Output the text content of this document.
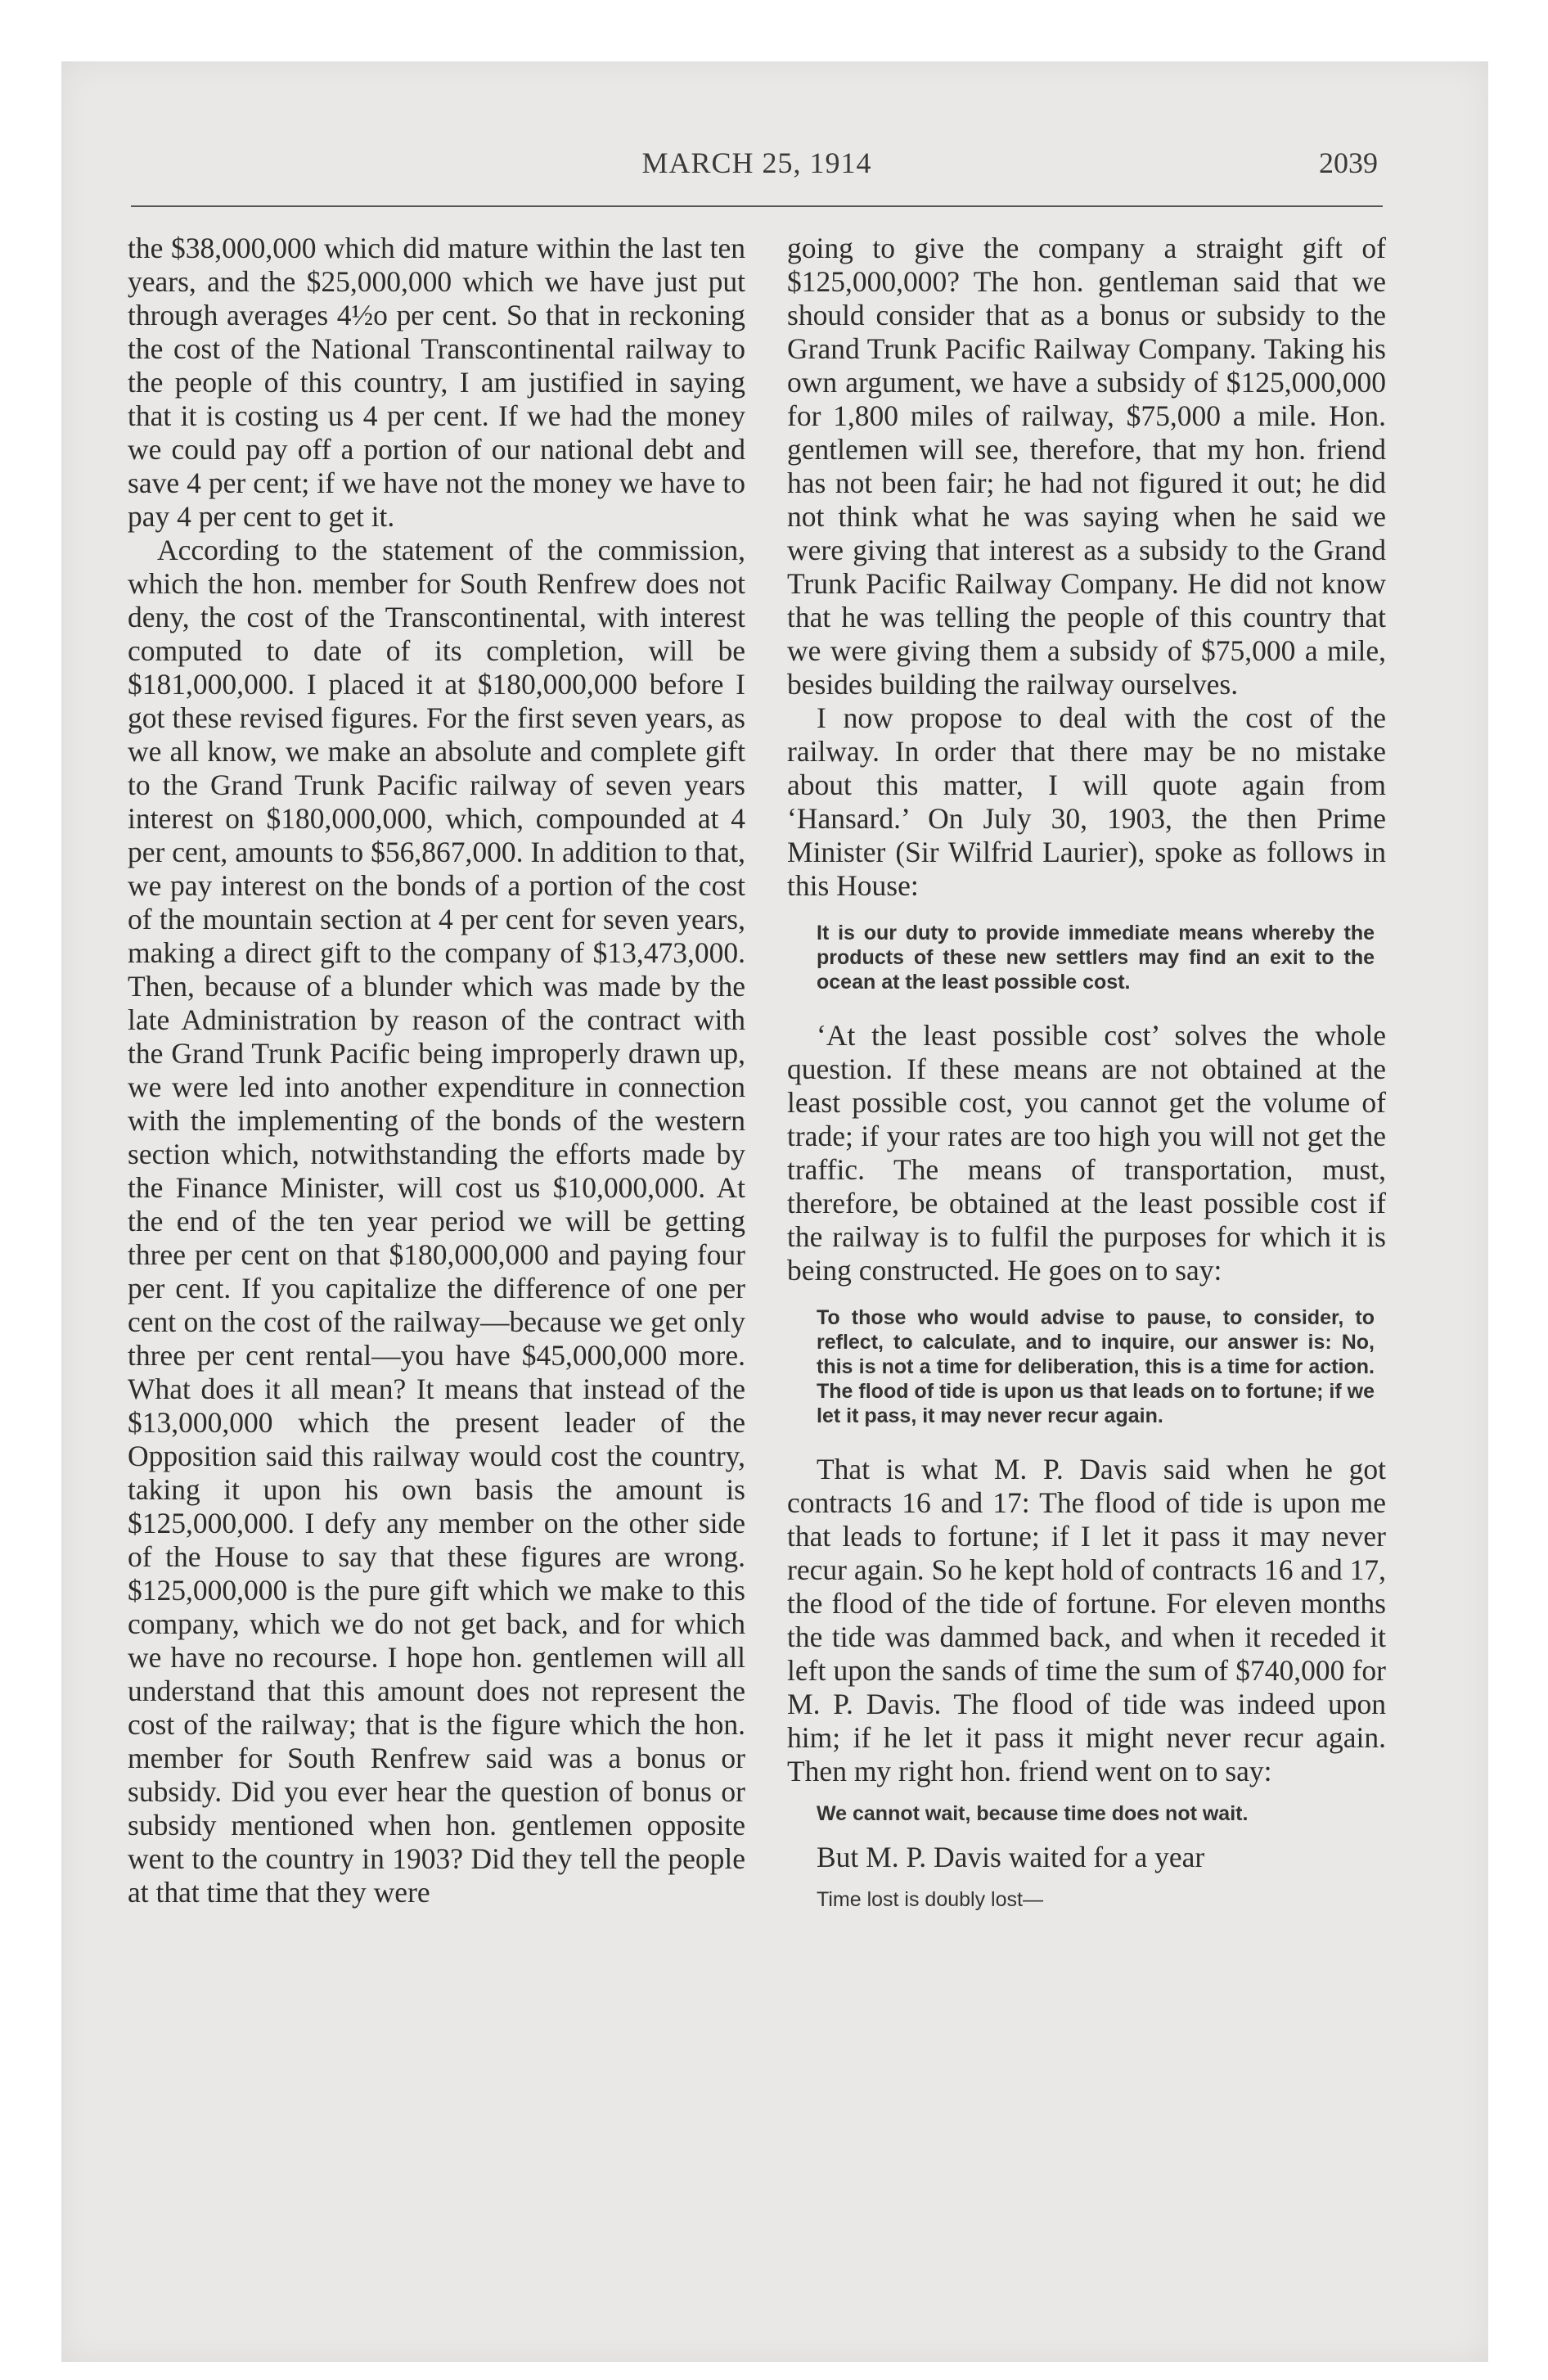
MARCH 25, 1914	2039

the $38,000,000 which did mature within the last ten years, and the $25,000,000 which we have just put through averages 4½o per cent. So that in reckoning the cost of the National Transcontinental railway to the people of this country, I am justified in saying that it is costing us 4 per cent. If we had the money we could pay off a portion of our national debt and save 4 per cent; if we have not the money we have to pay 4 per cent to get it.

According to the statement of the commission, which the hon. member for South Renfrew does not deny, the cost of the Transcontinental, with interest computed to date of its completion, will be $181,000,000. I placed it at $180,000,000 before I got these revised figures. For the first seven years, as we all know, we make an absolute and complete gift to the Grand Trunk Pacific railway of seven years interest on $180,000,000, which, compounded at 4 per cent, amounts to $56,867,000. In addition to that, we pay interest on the bonds of a portion of the cost of the mountain section at 4 per cent for seven years, making a direct gift to the company of $13,473,000. Then, because of a blunder which was made by the late Administration by reason of the contract with the Grand Trunk Pacific being improperly drawn up, we were led into another expenditure in connection with the implementing of the bonds of the western section which, notwithstanding the efforts made by the Finance Minister, will cost us $10,000,000. At the end of the ten year period we will be getting three per cent on that $180,000,000 and paying four per cent. If you capitalize the difference of one per cent on the cost of the railway—because we get only three per cent rental—you have $45,000,000 more. What does it all mean? It means that instead of the $13,000,000 which the present leader of the Opposition said this railway would cost the country, taking it upon his own basis the amount is $125,000,000. I defy any member on the other side of the House to say that these figures are wrong. $125,000,000 is the pure gift which we make to this company, which we do not get back, and for which we have no recourse. I hope hon. gentlemen will all understand that this amount does not represent the cost of the railway; that is the figure which the hon. member for South Renfrew said was a bonus or subsidy. Did you ever hear the question of bonus or subsidy mentioned when hon. gentlemen opposite went to the country in 1903? Did they tell the people at that time that they were

going to give the company a straight gift of $125,000,000? The hon. gentleman said that we should consider that as a bonus or subsidy to the Grand Trunk Pacific Railway Company. Taking his own argument, we have a subsidy of $125,000,000 for 1,800 miles of railway, $75,000 a mile. Hon. gentlemen will see, therefore, that my hon. friend has not been fair; he had not figured it out; he did not think what he was saying when he said we were giving that interest as a subsidy to the Grand Trunk Pacific Railway Company. He did not know that he was telling the people of this country that we were giving them a subsidy of $75,000 a mile, besides building the railway ourselves.

I now propose to deal with the cost of the railway. In order that there may be no mistake about this matter, I will quote again from ‘Hansard.’ On July 30, 1903, the then Prime Minister (Sir Wilfrid Laurier), spoke as follows in this House:

It is our duty to provide immediate means whereby the products of these new settlers may find an exit to the ocean at the least possible cost.

‘At the least possible cost’ solves the whole question. If these means are not obtained at the least possible cost, you cannot get the volume of trade; if your rates are too high you will not get the traffic. The means of transportation, must, therefore, be obtained at the least possible cost if the railway is to fulfil the purposes for which it is being constructed. He goes on to say:

To those who would advise to pause, to consider, to reflect, to calculate, and to inquire, our answer is: No, this is not a time for deliberation, this is a time for action. The flood of tide is upon us that leads on to fortune; if we let it pass, it may never recur again.

That is what M. P. Davis said when he got contracts 16 and 17: The flood of tide is upon me that leads to fortune; if I let it pass it may never recur again. So he kept hold of contracts 16 and 17, the flood of the tide of fortune. For eleven months the tide was dammed back, and when it receded it left upon the sands of time the sum of $740,000 for M. P. Davis. The flood of tide was indeed upon him; if he let it pass it might never recur again. Then my right hon. friend went on to say:

We cannot wait, because time does not wait.

But M. P. Davis waited for a year

Time lost is doubly lost—
